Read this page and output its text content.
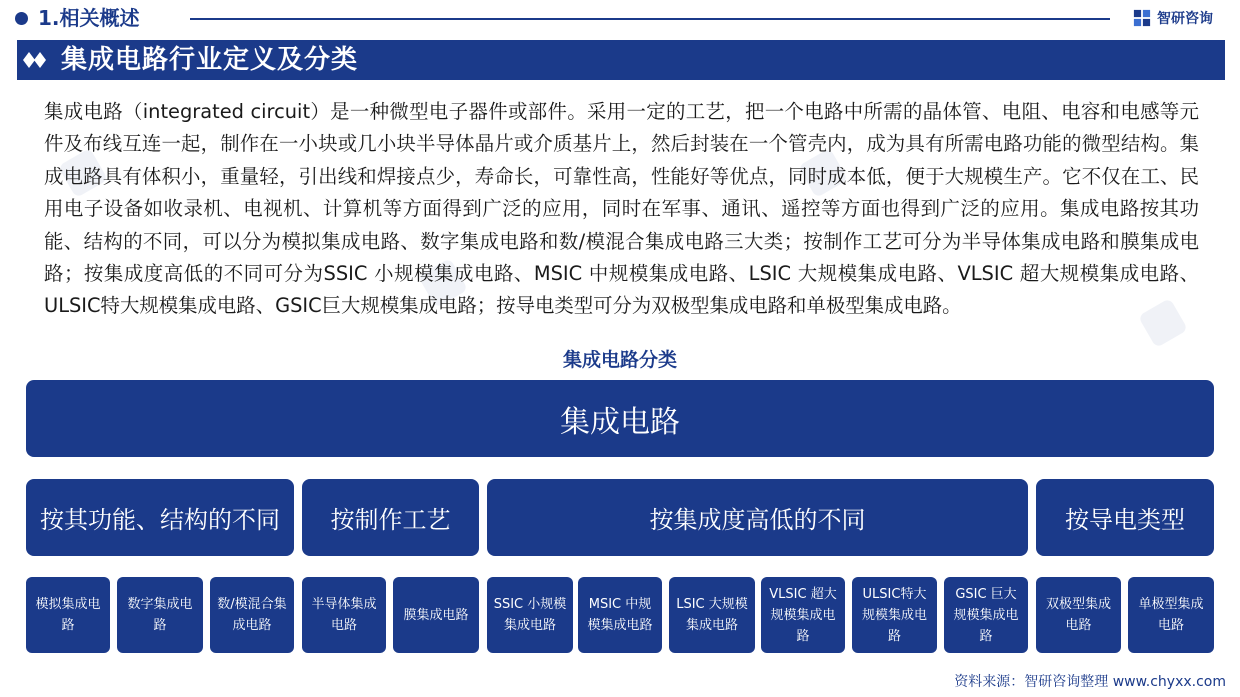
1.相关概述	智研咨询
集成电路行业定义及分类
集成电路（integrated circuit）是一种微型电子器件或部件。采用一定的工艺，把一个电路中所需的晶体管、电阻、电容和电感等元件及布线互连一起，制作在一小块或几小块半导体晶片或介质基片上，然后封装在一个管壳内，成为具有所需电路功能的微型结构。集成电路具有体积小，重量轻，引出线和焊接点少，寿命长，可靠性高，性能好等优点，同时成本低，便于大规模生产。它不仅在工、民用电子设备如收录机、电视机、计算机等方面得到广泛的应用，同时在军事、通讯、遥控等方面也得到广泛的应用。集成电路按其功能、结构的不同，可以分为模拟集成电路、数字集成电路和数/模混合集成电路三大类；按制作工艺可分为半导体集成电路和膜集成电路；按集成度高低的不同可分为SSIC 小规模集成电路、MSIC 中规模集成电路、LSIC 大规模集成电路、VLSIC 超大规模集成电路、ULSIC特大规模集成电路、GSIC巨大规模集成电路；按导电类型可分为双极型集成电路和单极型集成电路。
集成电路分类
集成电路
按其功能、结构的不同	按制作工艺	按集成度高低的不同	按导电类型
模拟集成电路
数字集成电路
数/模混合集成电路
半导体集成电路
膜集成电路
SSIC 小规模集成电路
MSIC 中规模集成电路
LSIC 大规模集成电路
VLSIC 超大规模集成电路
ULSIC特大规模集成电路
GSIC 巨大规模集成电路
双极型集成电路
单极型集成电路
资料来源：智研咨询整理 www.chyxx.com
